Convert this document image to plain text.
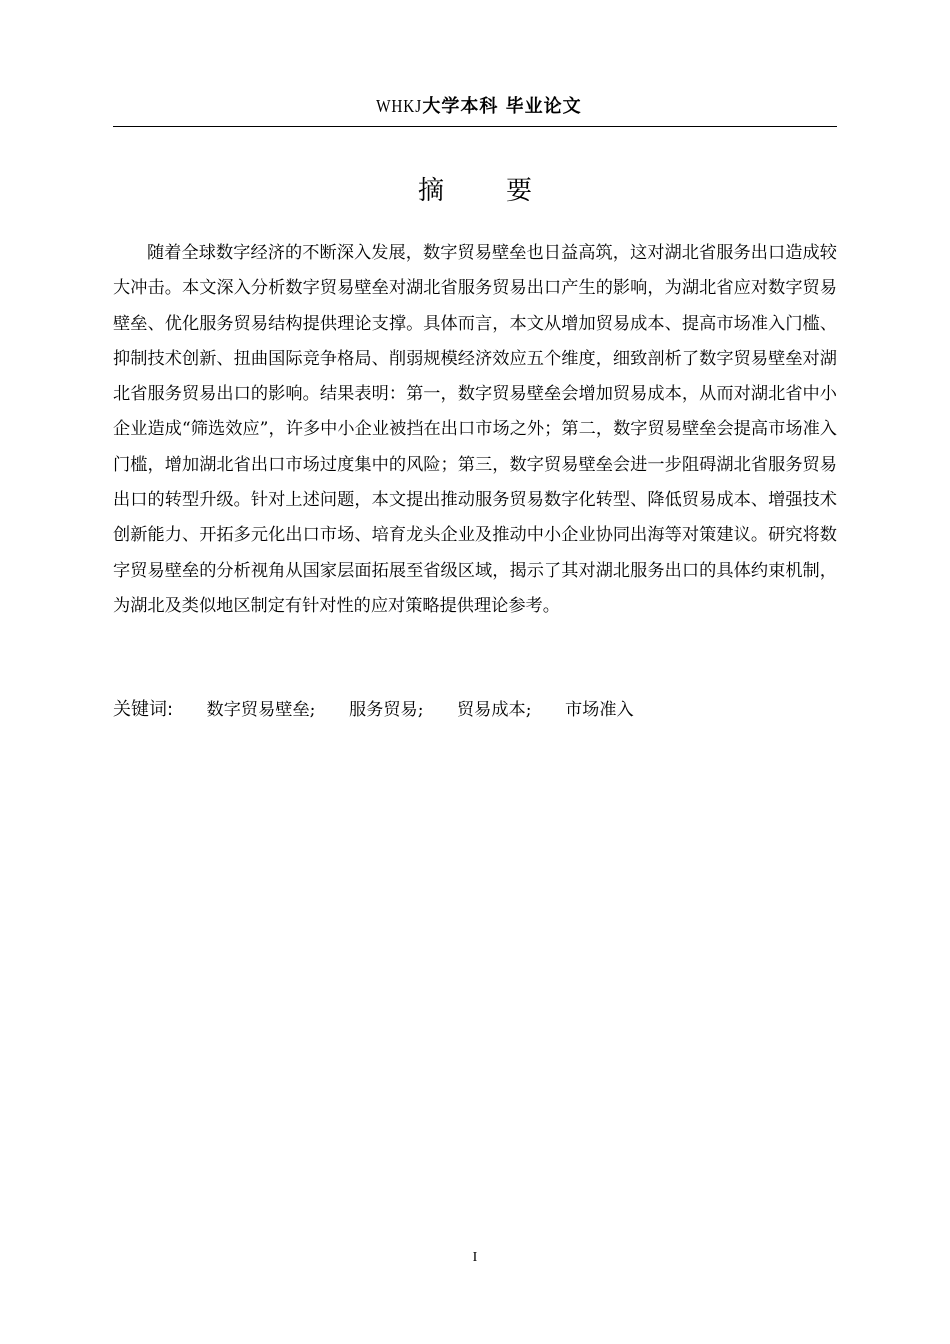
WHKJ大学本科 毕业论文
摘要

随着全球数字经济的不断深入发展，数字贸易壁垒也日益高筑，这对湖北省服务出口造成较大冲击。本文深入分析数字贸易壁垒对湖北省服务贸易出口产生的影响，为湖北省应对数字贸易壁垒、优化服务贸易结构提供理论支撑。具体而言，本文从增加贸易成本、提高市场准入门槛、抑制技术创新、扭曲国际竞争格局、削弱规模经济效应五个维度，细致剖析了数字贸易壁垒对湖北省服务贸易出口的影响。结果表明：第一，数字贸易壁垒会增加贸易成本，从而对湖北省中小企业造成“筛选效应”，许多中小企业被挡在出口市场之外；第二，数字贸易壁垒会提高市场准入门槛，增加湖北省出口市场过度集中的风险；第三，数字贸易壁垒会进一步阻碍湖北省服务贸易出口的转型升级。针对上述问题，本文提出推动服务贸易数字化转型、降低贸易成本、增强技术创新能力、开拓多元化出口市场、培育龙头企业及推动中小企业协同出海等对策建议。研究将数字贸易壁垒的分析视角从国家层面拓展至省级区域，揭示了其对湖北服务出口的具体约束机制，为湖北及类似地区制定有针对性的应对策略提供理论参考。

关键词: 数字贸易壁垒; 服务贸易; 贸易成本; 市场准入
I
